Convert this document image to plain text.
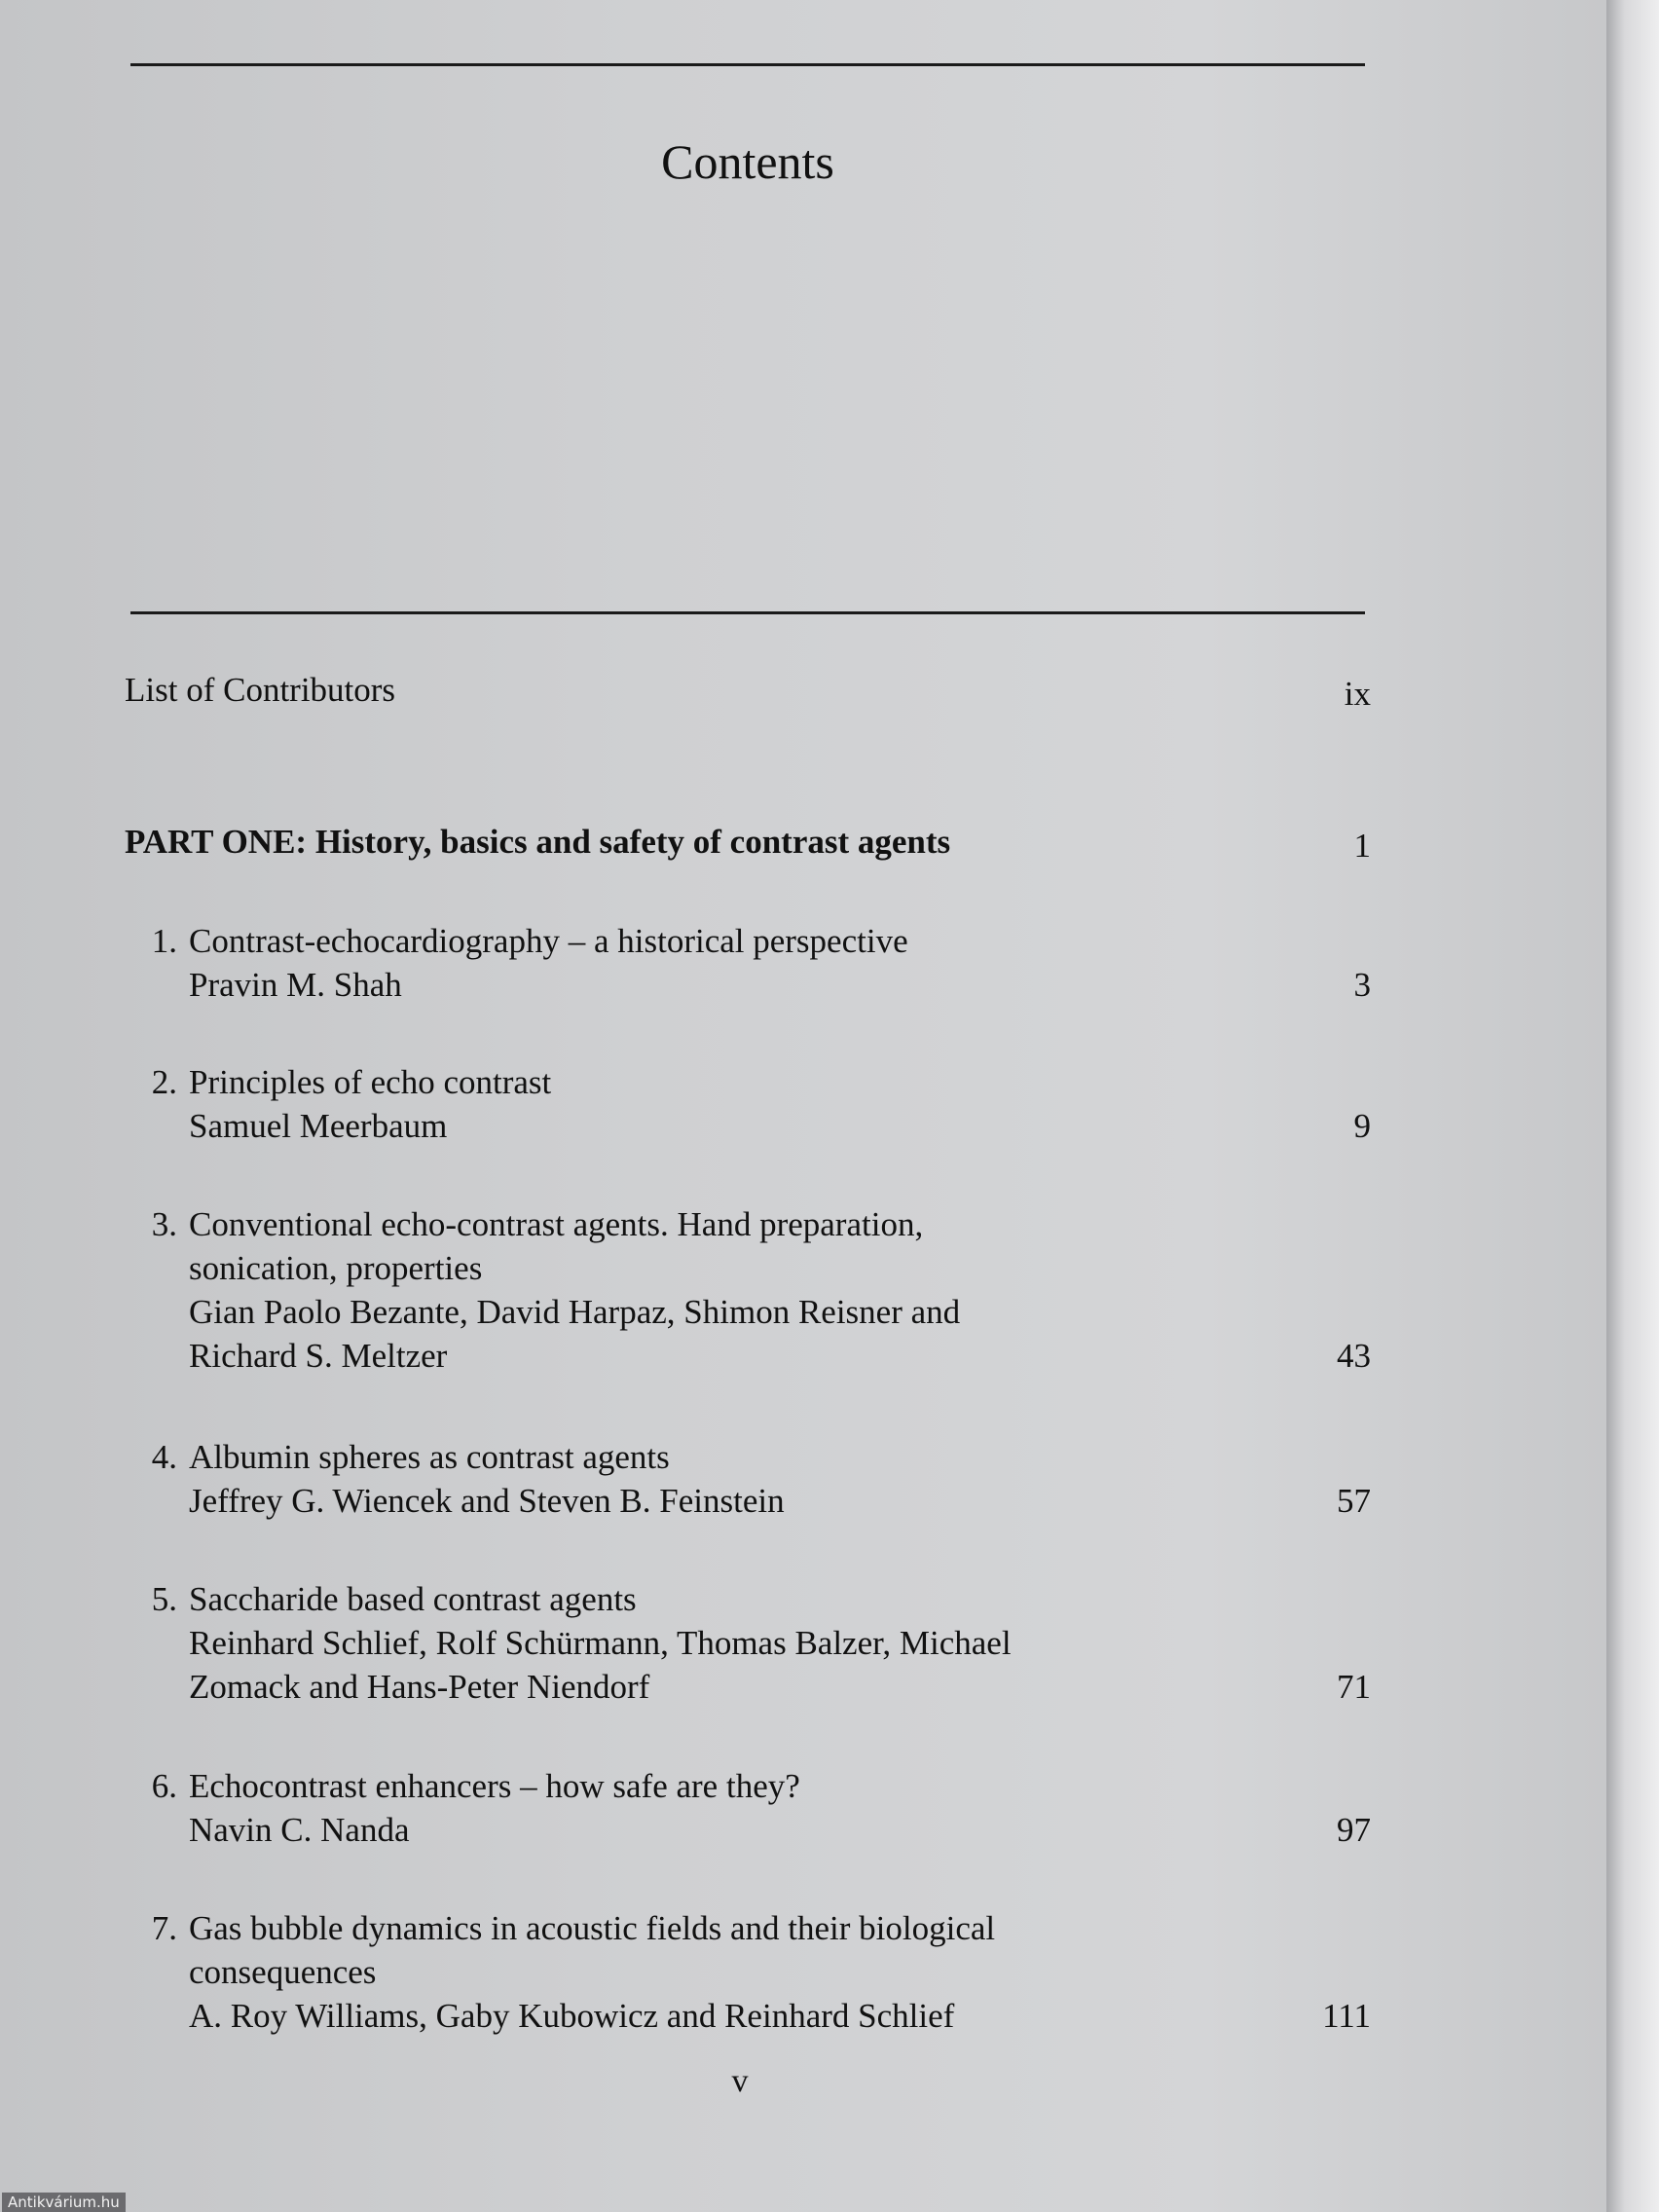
Contents
List of Contributors	ix
PART ONE: History, basics and safety of contrast agents	1
1. Contrast-echocardiography – a historical perspective
Pravin M. Shah	3
2. Principles of echo contrast
Samuel Meerbaum	9
3. Conventional echo-contrast agents. Hand preparation,
sonication, properties
Gian Paolo Bezante, David Harpaz, Shimon Reisner and
Richard S. Meltzer	43
4. Albumin spheres as contrast agents
Jeffrey G. Wiencek and Steven B. Feinstein	57
5. Saccharide based contrast agents
Reinhard Schlief, Rolf Schürmann, Thomas Balzer, Michael
Zomack and Hans-Peter Niendorf	71
6. Echocontrast enhancers – how safe are they?
Navin C. Nanda	97
7. Gas bubble dynamics in acoustic fields and their biological
consequences
A. Roy Williams, Gaby Kubowicz and Reinhard Schlief	111
v
Antikvárium.hu
